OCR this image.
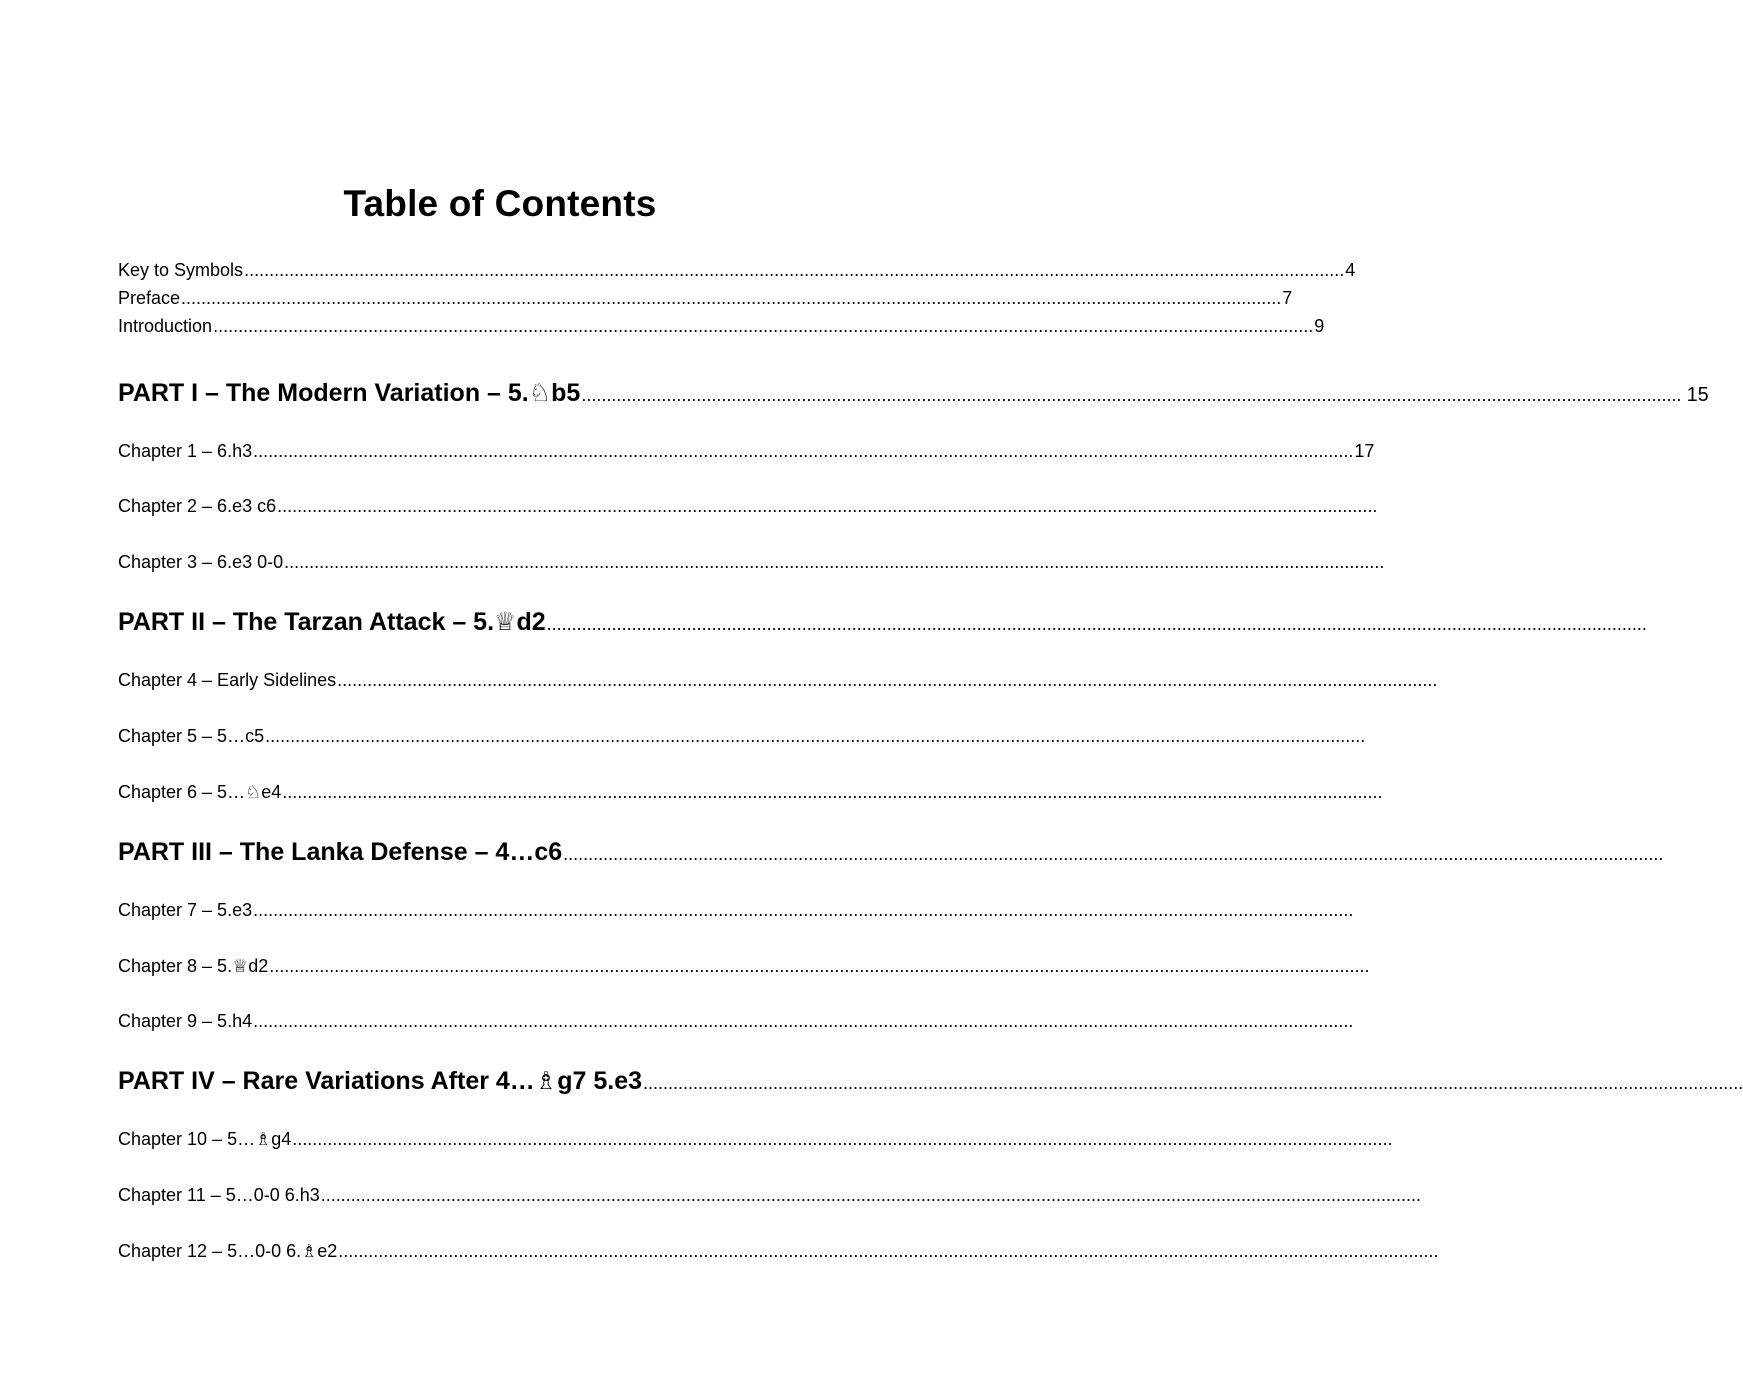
Table of Contents
Key to Symbols ............................................................................................................................................................................................................................ 4
Preface ............................................................................................................................................................................................................................ 7
Introduction ............................................................................................................................................................................................................................ 9
PART I – The Modern Variation – 5.♘b5 ............................................................................................................................................................................................................................ 15
Chapter 1 – 6.h3 ............................................................................................................................................................................................................................ 17
Chapter 2 – 6.e3 c6 ............................................................................................................................................................................................................................
Chapter 3 – 6.e3 0-0 ............................................................................................................................................................................................................................
PART II – The Tarzan Attack – 5.♕d2 ............................................................................................................................................................................................................................
Chapter 4 – Early Sidelines ............................................................................................................................................................................................................................
Chapter 5 – 5…c5 ............................................................................................................................................................................................................................
Chapter 6 – 5…♘e4 ............................................................................................................................................................................................................................
PART III – The Lanka Defense – 4…c6 ............................................................................................................................................................................................................................
Chapter 7 – 5.e3 ............................................................................................................................................................................................................................
Chapter 8 – 5.♕d2 ............................................................................................................................................................................................................................
Chapter 9 – 5.h4 ............................................................................................................................................................................................................................
PART IV – Rare Variations After 4…♗g7 5.e3 ............................................................................................................................................................................................................................
Chapter 10 – 5…♗g4 ............................................................................................................................................................................................................................
Chapter 11 – 5…0-0 6.h3 ............................................................................................................................................................................................................................
Chapter 12 – 5…0-0 6.♗e2 ............................................................................................................................................................................................................................
